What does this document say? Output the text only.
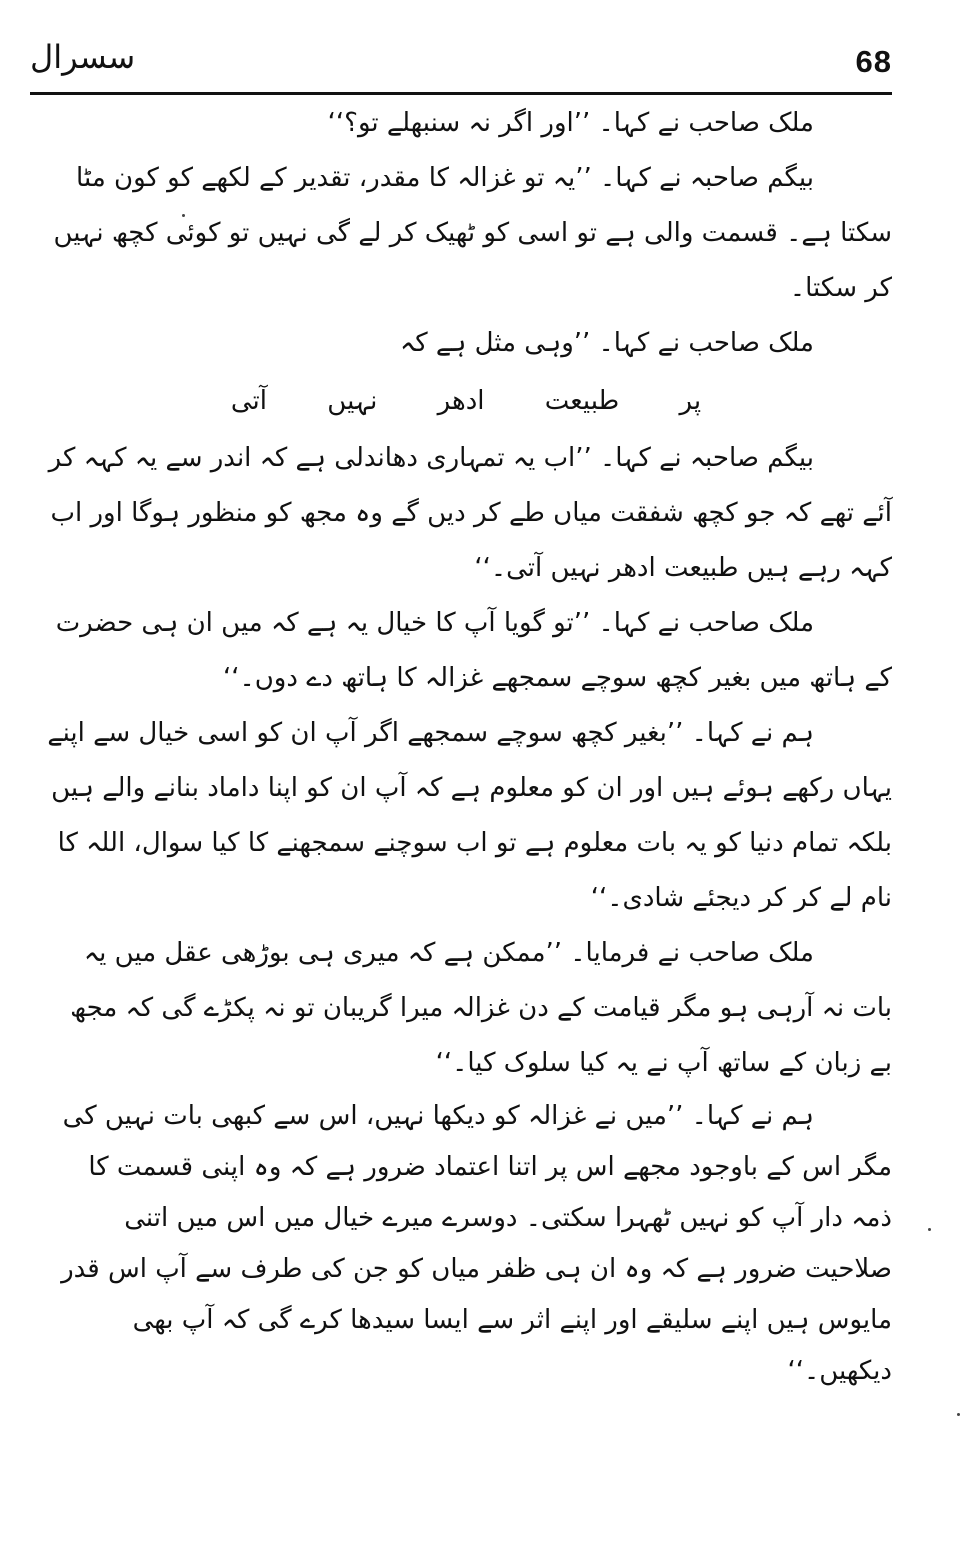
سسرال	68

ملک صاحب نے کہا۔ ’’اور اگر نہ سنبھلے تو؟‘‘

بیگم صاحبہ نے کہا۔ ’’یہ تو غزالہ کا مقدر، تقدیر کے لکھے کو کون مٹا سکتا ہے۔ قسمت والی ہے تو اسی کو ٹھیک کر لے گی نہیں تو کوئی کچھ نہیں کر سکتا۔

ملک صاحب نے کہا۔ ’’وہی مثل ہے کہ

پر طبیعت ادھر نہیں آتی

بیگم صاحبہ نے کہا۔ ’’اب یہ تمہاری دھاندلی ہے کہ اندر سے یہ کہہ کر آئے تھے کہ جو کچھ شفقت میاں طے کر دیں گے وہ مجھ کو منظور ہوگا اور اب کہہ رہے ہیں طبیعت ادھر نہیں آتی۔‘‘

ملک صاحب نے کہا۔ ’’تو گویا آپ کا خیال یہ ہے کہ میں ان ہی حضرت کے ہاتھ میں بغیر کچھ سوچے سمجھے غزالہ کا ہاتھ دے دوں۔‘‘

ہم نے کہا۔ ’’بغیر کچھ سوچے سمجھے اگر آپ ان کو اسی خیال سے اپنے یہاں رکھے ہوئے ہیں اور ان کو معلوم ہے کہ آپ ان کو اپنا داماد بنانے والے ہیں بلکہ تمام دنیا کو یہ بات معلوم ہے تو اب سوچنے سمجھنے کا کیا سوال، اللہ کا نام لے کر کر دیجئے شادی۔‘‘

ملک صاحب نے فرمایا۔ ’’ممکن ہے کہ میری ہی بوڑھی عقل میں یہ بات نہ آرہی ہو مگر قیامت کے دن غزالہ میرا گریبان تو نہ پکڑے گی کہ مجھ بے زبان کے ساتھ آپ نے یہ کیا سلوک کیا۔‘‘

ہم نے کہا۔ ’’میں نے غزالہ کو دیکھا نہیں، اس سے کبھی بات نہیں کی مگر اس کے باوجود مجھے اس پر اتنا اعتماد ضرور ہے کہ وہ اپنی قسمت کا ذمہ دار آپ کو نہیں ٹھہرا سکتی۔ دوسرے میرے خیال میں اس میں اتنی صلاحیت ضرور ہے کہ وہ ان ہی ظفر میاں کو جن کی طرف سے آپ اس قدر مایوس ہیں اپنے سلیقے اور اپنے اثر سے ایسا سیدھا کرے گی کہ آپ بھی دیکھیں۔‘‘
